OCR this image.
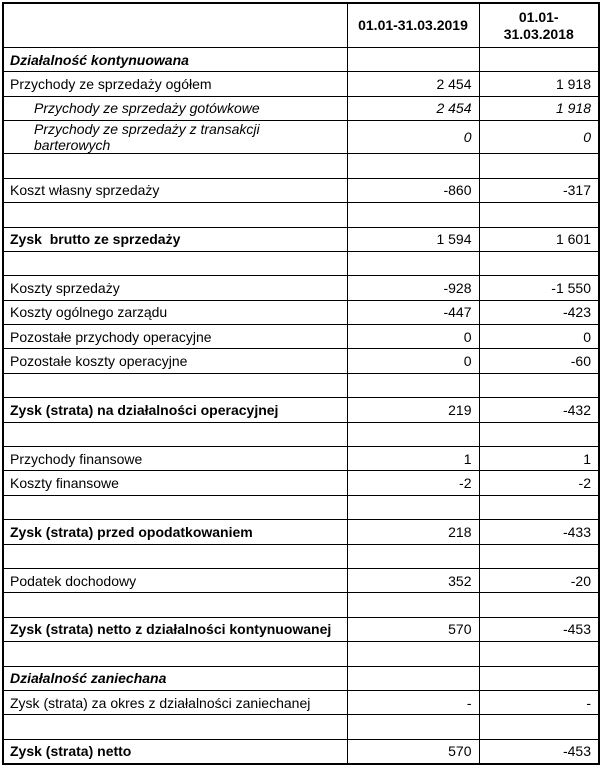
	01.01-31.03.2019	01.01-31.03.2018
Działalność kontynuowana		
Przychody ze sprzedaży ogółem	2 454	1 918
Przychody ze sprzedaży gotówkowe	2 454	1 918
Przychody ze sprzedaży z transakcji barterowych	0	0

Koszt własny sprzedaży	-860	-317

Zysk  brutto ze sprzedaży	1 594	1 601

Koszty sprzedaży	-928	-1 550
Koszty ogólnego zarządu	-447	-423
Pozostałe przychody operacyjne	0	0
Pozostałe koszty operacyjne	0	-60

Zysk (strata) na działalności operacyjnej	219	-432

Przychody finansowe	1	1
Koszty finansowe	-2	-2

Zysk (strata) przed opodatkowaniem	218	-433

Podatek dochodowy	352	-20

Zysk (strata) netto z działalności kontynuowanej	570	-453

Działalność zaniechana		
Zysk (strata) za okres z działalności zaniechanej	-	-

Zysk (strata) netto	570	-453
